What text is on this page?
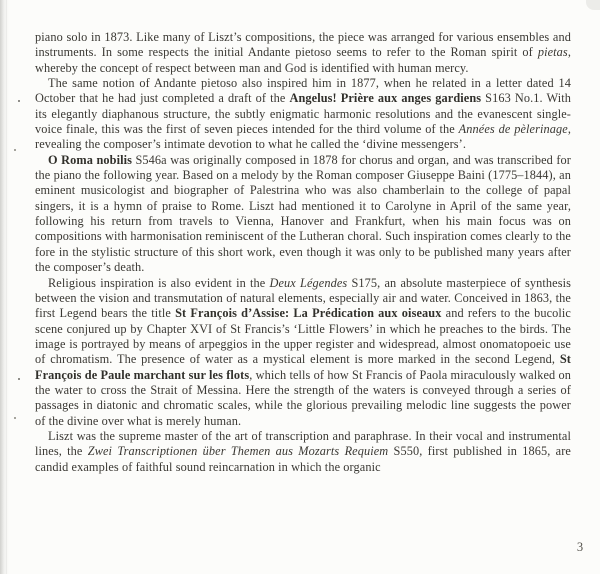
piano solo in 1873. Like many of Liszt’s compositions, the piece was arranged for various ensembles and instruments. In some respects the initial Andante pietoso seems to refer to the Roman spirit of pietas, whereby the concept of respect between man and God is identified with human mercy.

The same notion of Andante pietoso also inspired him in 1877, when he related in a letter dated 14 October that he had just completed a draft of the Angelus! Prière aux anges gardiens S163 No.1. With its elegantly diaphanous structure, the subtly enigmatic harmonic resolutions and the evanescent single-voice finale, this was the first of seven pieces intended for the third volume of the Années de pèlerinage, revealing the composer’s intimate devotion to what he called the ‘divine messengers’.

O Roma nobilis S546a was originally composed in 1878 for chorus and organ, and was transcribed for the piano the following year. Based on a melody by the Roman composer Giuseppe Baini (1775–1844), an eminent musicologist and biographer of Palestrina who was also chamberlain to the college of papal singers, it is a hymn of praise to Rome. Liszt had mentioned it to Carolyne in April of the same year, following his return from travels to Vienna, Hanover and Frankfurt, when his main focus was on compositions with harmonisation reminiscent of the Lutheran choral. Such inspiration comes clearly to the fore in the stylistic structure of this short work, even though it was only to be published many years after the composer’s death.

Religious inspiration is also evident in the Deux Légendes S175, an absolute masterpiece of synthesis between the vision and transmutation of natural elements, especially air and water. Conceived in 1863, the first Legend bears the title St François d’Assise: La Prédication aux oiseaux and refers to the bucolic scene conjured up by Chapter XVI of St Francis’s ‘Little Flowers’ in which he preaches to the birds. The image is portrayed by means of arpeggios in the upper register and widespread, almost onomatopoeic use of chromatism. The presence of water as a mystical element is more marked in the second Legend, St François de Paule marchant sur les flots, which tells of how St Francis of Paola miraculously walked on the water to cross the Strait of Messina. Here the strength of the waters is conveyed through a series of passages in diatonic and chromatic scales, while the glorious prevailing melodic line suggests the power of the divine over what is merely human.

Liszt was the supreme master of the art of transcription and paraphrase. In their vocal and instrumental lines, the Zwei Transcriptionen über Themen aus Mozarts Requiem S550, first published in 1865, are candid examples of faithful sound reincarnation in which the organic

3
